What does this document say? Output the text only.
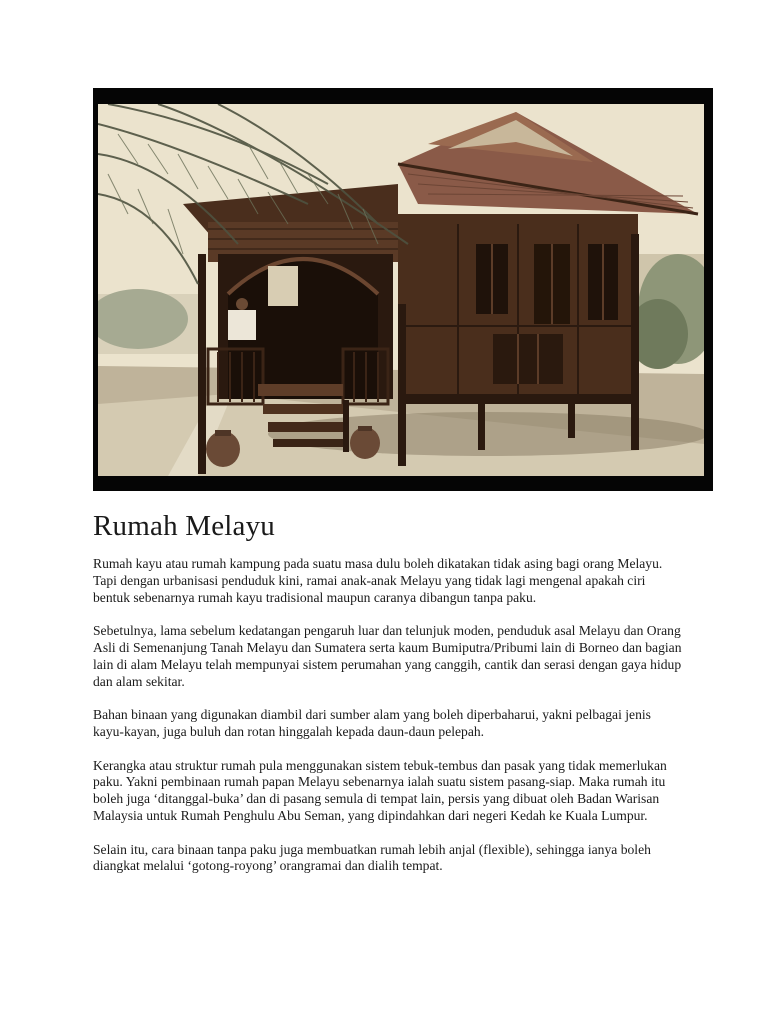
Rumah Melayu

Rumah kayu atau rumah kampung pada suatu masa dulu boleh dikatakan tidak asing bagi orang Melayu. Tapi dengan urbanisasi penduduk kini, ramai anak-anak Melayu yang tidak lagi mengenal apakah ciri bentuk sebenarnya rumah kayu tradisional maupun caranya dibangun tanpa paku.

Sebetulnya, lama sebelum kedatangan pengaruh luar dan telunjuk moden, penduduk asal Melayu dan Orang Asli di Semenanjung Tanah Melayu dan Sumatera serta kaum Bumiputra/Pribumi lain di Borneo dan bagian lain di alam Melayu telah mempunyai sistem perumahan yang canggih, cantik dan serasi dengan gaya hidup dan alam sekitar.

Bahan binaan yang digunakan diambil dari sumber alam yang boleh diperbaharui, yakni pelbagai jenis kayu-kayan, juga buluh dan rotan hinggalah kepada daun-daun pelepah.

Kerangka atau struktur rumah pula menggunakan sistem tebuk-tembus dan pasak yang tidak memerlukan paku. Yakni pembinaan rumah papan Melayu sebenarnya ialah suatu sistem pasang-siap. Maka rumah itu boleh juga ‘ditanggal-buka’ dan di pasang semula di tempat lain, persis yang dibuat oleh Badan Warisan Malaysia untuk Rumah Penghulu Abu Seman, yang dipindahkan dari negeri Kedah ke Kuala Lumpur.

Selain itu, cara binaan tanpa paku juga membuatkan rumah lebih anjal (flexible), sehingga ianya boleh diangkat melalui ‘gotong-royong’ orangramai dan dialih tempat.
